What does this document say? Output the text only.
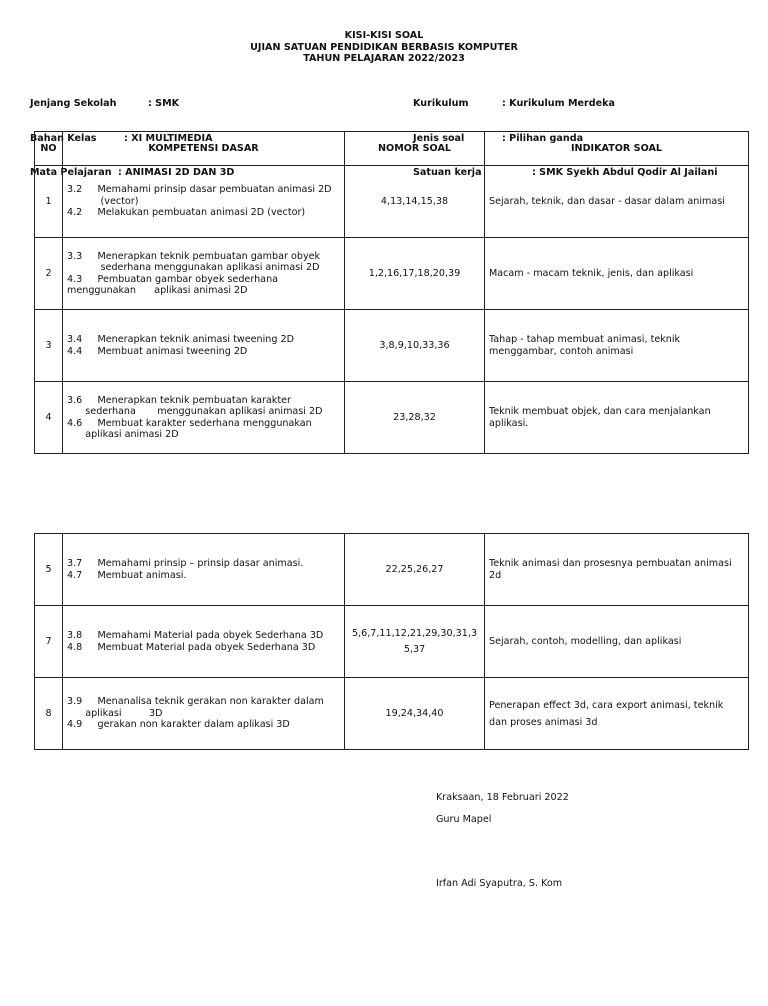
KISI-KISI SOAL
UJIAN SATUAN PENDIDIKAN BERBASIS KOMPUTER
TAHUN PELAJARAN 2022/2023

Jenjang Sekolah	: SMK

Bahan Kelas	: XI MULTIMEDIA

Mata Pelajaran : ANIMASI 2D DAN 3D

Kurikulum	: Kurikulum Merdeka

Jenis soal	: Pilihan ganda

Satuan kerja	: SMK Syekh Abdul Qodir Al Jailani

NO	KOMPETENSI DASAR	NOMOR SOAL	INDIKATOR SOAL
1	3.2     Memahami prinsip dasar pembuatan animasi 2D
(vector)
4.2     Melakukan pembuatan animasi 2D (vector)	4,13,14,15,38	Sejarah, teknik, dan dasar - dasar dalam animasi
2	3.3     Menerapkan teknik pembuatan gambar obyek
sederhana menggunakan aplikasi animasi 2D
4.3     Pembuatan gambar obyek sederhana
menggunakan      aplikasi animasi 2D	1,2,16,17,18,20,39	Macam - macam teknik, jenis, dan aplikasi
3	3.4     Menerapkan teknik animasi tweening 2D
4.4     Membuat animasi tweening 2D	3,8,9,10,33,36	Tahap - tahap membuat animasi, teknik menggambar, contoh animasi
4	3.6     Menerapkan teknik pembuatan karakter
sederhana       menggunakan aplikasi animasi 2D
4.6     Membuat karakter sederhana menggunakan
aplikasi animasi 2D	23,28,32	Teknik membuat objek, dan cara menjalankan aplikasi.
5	3.7     Memahami prinsip – prinsip dasar animasi.
4.7     Membuat animasi.	22,25,26,27	Teknik animasi dan prosesnya pembuatan animasi 2d
7	3.8     Memahami Material pada obyek Sederhana 3D
4.8     Membuat Material pada obyek Sederhana 3D	5,6,7,11,12,21,29,30,31,35,37	Sejarah, contoh, modelling, dan aplikasi
8	3.9     Menanalisa teknik gerakan non karakter dalam
aplikasi         3D
4.9     gerakan non karakter dalam aplikasi 3D	19,24,34,40	Penerapan effect 3d, cara export animasi, teknik dan proses animasi 3d
Kraksaan, 18 Februari 2022
Guru Mapel
Irfan Adi Syaputra, S. Kom
